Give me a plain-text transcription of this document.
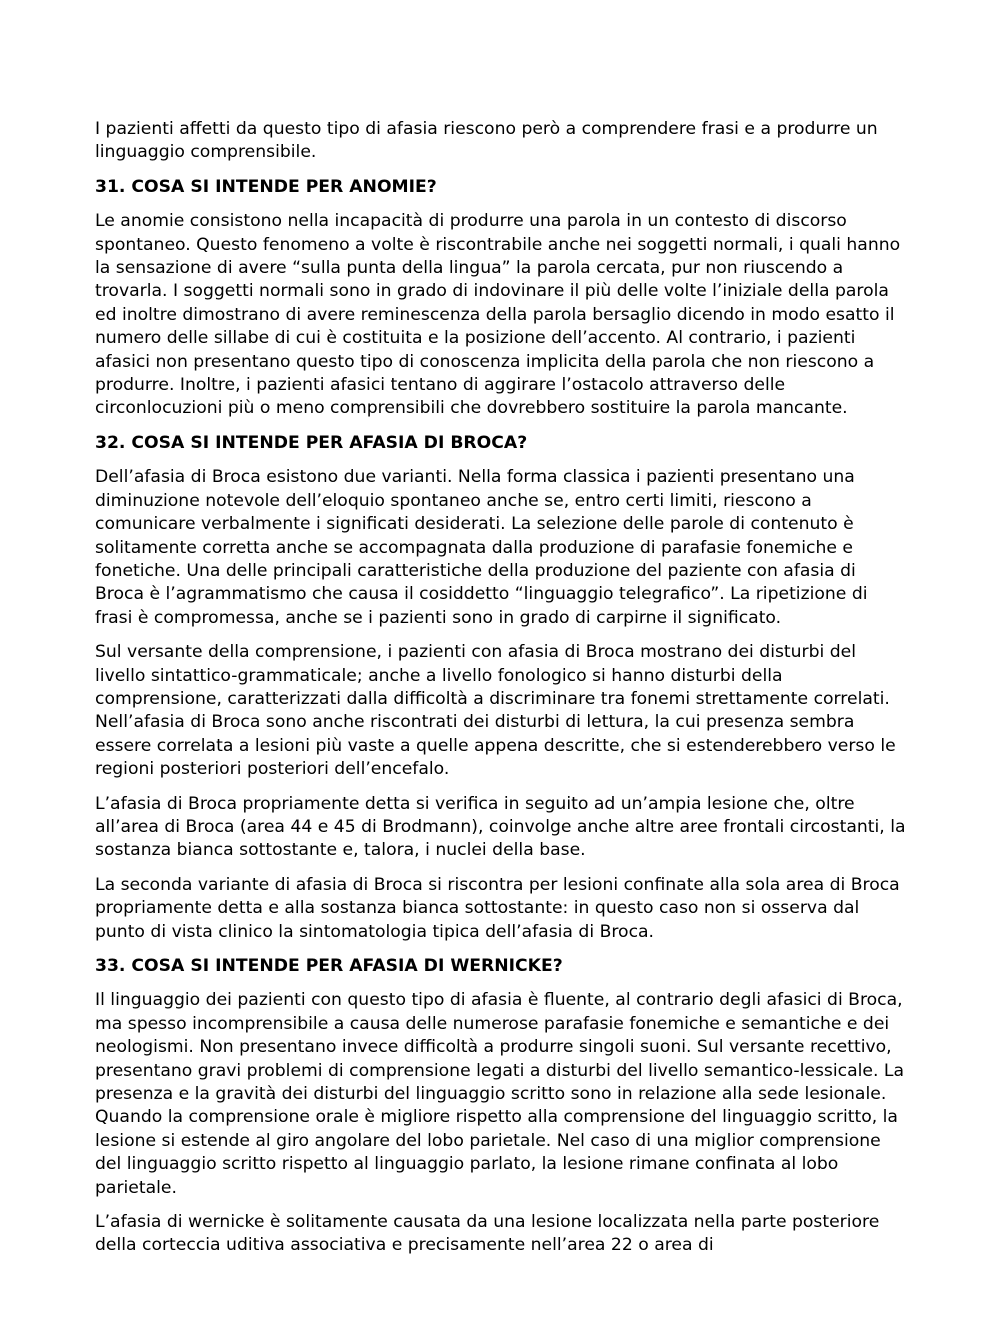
I pazienti affetti da questo tipo di afasia riescono però a comprendere frasi e a produrre un linguaggio comprensibile.

31. COSA SI INTENDE PER ANOMIE?

Le anomie consistono nella incapacità di produrre una parola in un contesto di discorso spontaneo. Questo fenomeno a volte è riscontrabile anche nei soggetti normali, i quali hanno la sensazione di avere “sulla punta della lingua” la parola cercata, pur non riuscendo a trovarla. I soggetti normali sono in grado di indovinare il più delle volte l’iniziale della parola ed inoltre dimostrano di avere reminescenza della parola bersaglio dicendo in modo esatto il numero delle sillabe di cui è costituita e la posizione dell’accento. Al contrario, i pazienti afasici non presentano questo tipo di conoscenza implicita della parola che non riescono a produrre. Inoltre, i pazienti afasici tentano di aggirare l’ostacolo attraverso delle circonlocuzioni più o meno comprensibili che dovrebbero sostituire la parola mancante.

32. COSA SI INTENDE PER AFASIA DI BROCA?

Dell’afasia di Broca esistono due varianti. Nella forma classica i pazienti presentano una diminuzione notevole dell’eloquio spontaneo anche se, entro certi limiti, riescono a comunicare verbalmente i significati desiderati. La selezione delle parole di contenuto è solitamente corretta anche se accompagnata dalla produzione di parafasie fonemiche e fonetiche. Una delle principali caratteristiche della produzione del paziente con afasia di Broca è l’agrammatismo che causa il cosiddetto “linguaggio telegrafico”. La ripetizione di frasi è compromessa, anche se i pazienti sono in grado di carpirne il significato.

Sul versante della comprensione, i pazienti con afasia di Broca mostrano dei disturbi del livello sintattico-grammaticale; anche a livello fonologico si hanno disturbi della comprensione, caratterizzati dalla difficoltà a discriminare tra fonemi strettamente correlati. Nell’afasia di Broca sono anche riscontrati dei disturbi di lettura, la cui presenza sembra essere correlata a lesioni più vaste a quelle appena descritte, che si estenderebbero verso le regioni posteriori posteriori dell’encefalo.

L’afasia di Broca propriamente detta si verifica in seguito ad un’ampia lesione che, oltre all’area di Broca (area 44 e 45 di Brodmann), coinvolge anche altre aree frontali circostanti, la sostanza bianca sottostante e, talora, i nuclei della base.

La seconda variante di afasia di Broca si riscontra per lesioni confinate alla sola area di Broca propriamente detta e alla sostanza bianca sottostante: in questo caso non si osserva dal punto di vista clinico la sintomatologia tipica dell’afasia di Broca.

33. COSA SI INTENDE PER AFASIA DI WERNICKE?

Il linguaggio dei pazienti con questo tipo di afasia è fluente, al contrario degli afasici di Broca, ma spesso incomprensibile a causa delle numerose parafasie fonemiche e semantiche e dei neologismi. Non presentano invece difficoltà a produrre singoli suoni. Sul versante recettivo, presentano gravi problemi di comprensione legati a disturbi del livello semantico-lessicale. La presenza e la gravità dei disturbi del linguaggio scritto sono in relazione alla sede lesionale. Quando la comprensione orale è migliore rispetto alla comprensione del linguaggio scritto, la lesione si estende al giro angolare del lobo parietale. Nel caso di una miglior comprensione del linguaggio scritto rispetto al linguaggio parlato, la lesione rimane confinata al lobo parietale.

L’afasia di wernicke è solitamente causata da una lesione localizzata nella parte posteriore della corteccia uditiva associativa e precisamente nell’area 22 o area di
